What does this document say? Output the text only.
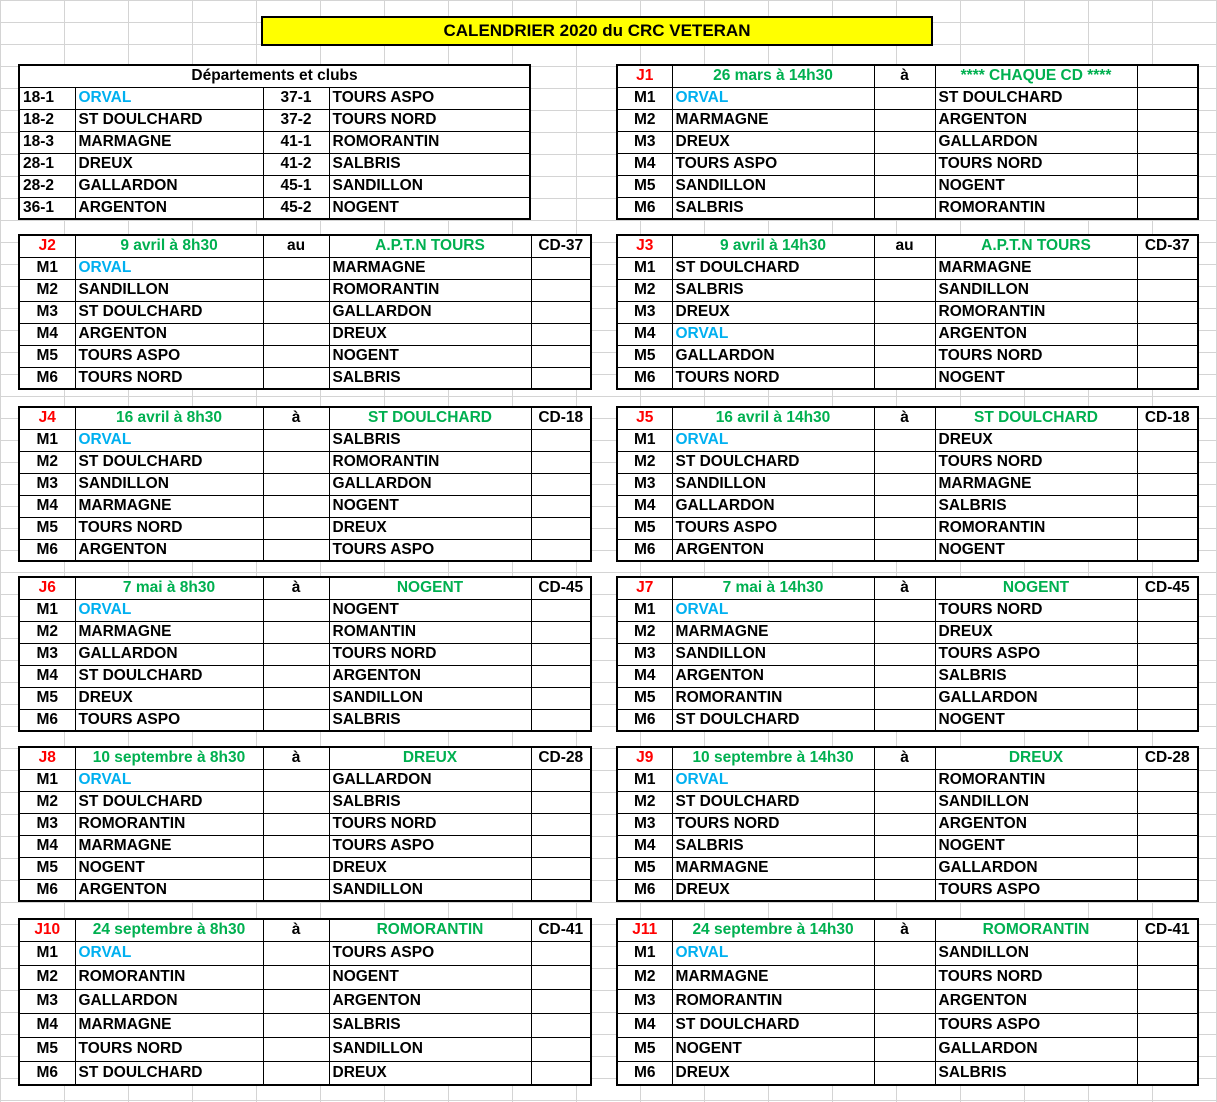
CALENDRIER 2020 du CRC VETERAN
Départements et clubs			
18-1	ORVAL	37-1	TOURS ASPO
18-2	ST DOULCHARD	37-2	TOURS NORD
18-3	MARMAGNE	41-1	ROMORANTIN
28-1	DREUX	41-2	SALBRIS
28-2	GALLARDON	45-1	SANDILLON
36-1	ARGENTON	45-2	NOGENT
J1	26 mars à 14h30	à	**** CHAQUE CD ****	
M1	ORVAL		ST DOULCHARD	
M2	MARMAGNE		ARGENTON	
M3	DREUX		GALLARDON	
M4	TOURS ASPO		TOURS NORD	
M5	SANDILLON		NOGENT	
M6	SALBRIS		ROMORANTIN	
J2	9 avril à 8h30	au	A.P.T.N TOURS	CD-37
M1	ORVAL		MARMAGNE	
M2	SANDILLON		ROMORANTIN	
M3	ST DOULCHARD		GALLARDON	
M4	ARGENTON		DREUX	
M5	TOURS ASPO		NOGENT	
M6	TOURS NORD		SALBRIS	
J3	9 avril à 14h30	au	A.P.T.N TOURS	CD-37
M1	ST DOULCHARD		MARMAGNE	
M2	SALBRIS		SANDILLON	
M3	DREUX		ROMORANTIN	
M4	ORVAL		ARGENTON	
M5	GALLARDON		TOURS NORD	
M6	TOURS NORD		NOGENT	
J4	16 avril à 8h30	à	ST DOULCHARD	CD-18
M1	ORVAL		SALBRIS	
M2	ST DOULCHARD		ROMORANTIN	
M3	SANDILLON		GALLARDON	
M4	MARMAGNE		NOGENT	
M5	TOURS NORD		DREUX	
M6	ARGENTON		TOURS ASPO	
J5	16 avril à 14h30	à	ST DOULCHARD	CD-18
M1	ORVAL		DREUX	
M2	ST DOULCHARD		TOURS NORD	
M3	SANDILLON		MARMAGNE	
M4	GALLARDON		SALBRIS	
M5	TOURS ASPO		ROMORANTIN	
M6	ARGENTON		NOGENT	
J6	7 mai à 8h30	à	NOGENT	CD-45
M1	ORVAL		NOGENT	
M2	MARMAGNE		ROMANTIN	
M3	GALLARDON		TOURS NORD	
M4	ST DOULCHARD		ARGENTON	
M5	DREUX		SANDILLON	
M6	TOURS ASPO		SALBRIS	
J7	7 mai à 14h30	à	NOGENT	CD-45
M1	ORVAL		TOURS NORD	
M2	MARMAGNE		DREUX	
M3	SANDILLON		TOURS ASPO	
M4	ARGENTON		SALBRIS	
M5	ROMORANTIN		GALLARDON	
M6	ST DOULCHARD		NOGENT	
J8	10 septembre à 8h30	à	DREUX	CD-28
M1	ORVAL		GALLARDON	
M2	ST DOULCHARD		SALBRIS	
M3	ROMORANTIN		TOURS NORD	
M4	MARMAGNE		TOURS ASPO	
M5	NOGENT		DREUX	
M6	ARGENTON		SANDILLON	
J9	10 septembre à 14h30	à	DREUX	CD-28
M1	ORVAL		ROMORANTIN	
M2	ST DOULCHARD		SANDILLON	
M3	TOURS NORD		ARGENTON	
M4	SALBRIS		NOGENT	
M5	MARMAGNE		GALLARDON	
M6	DREUX		TOURS ASPO	
J10	24 septembre à 8h30	à	ROMORANTIN	CD-41
M1	ORVAL		TOURS ASPO	
M2	ROMORANTIN		NOGENT	
M3	GALLARDON		ARGENTON	
M4	MARMAGNE		SALBRIS	
M5	TOURS NORD		SANDILLON	
M6	ST DOULCHARD		DREUX	
J11	24 septembre à 14h30	à	ROMORANTIN	CD-41
M1	ORVAL		SANDILLON	
M2	MARMAGNE		TOURS NORD	
M3	ROMORANTIN		ARGENTON	
M4	ST DOULCHARD		TOURS ASPO	
M5	NOGENT		GALLARDON	
M6	DREUX		SALBRIS	
